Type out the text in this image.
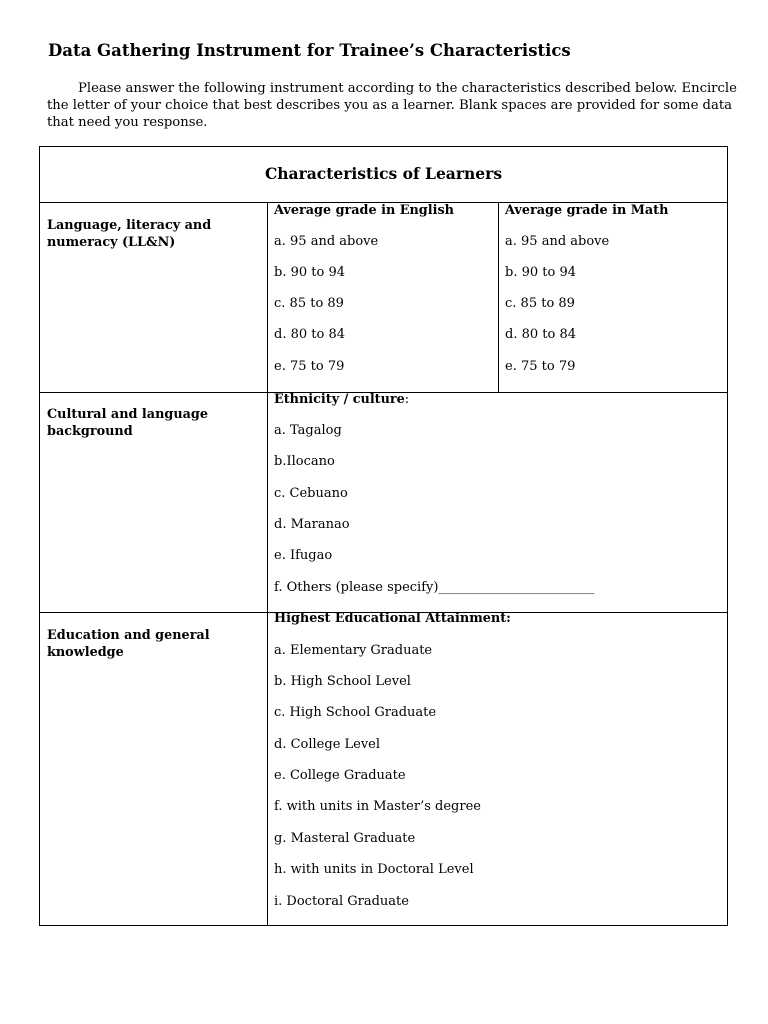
Data Gathering Instrument for Trainee’s Characteristics

Please answer the following instrument according to the characteristics described below. Encircle the letter of your choice that best describes you as a learner. Blank spaces are provided for some data that need you response.

Characteristics of Learners
Language, literacy and numeracy (LL&N)
Average grade in English
a. 95 and above
b. 90 to 94
c. 85 to 89
d. 80 to 84
e. 75 to 79
Average grade in Math
a. 95 and above
b. 90 to 94
c. 85 to 89
d. 80 to 84
e. 75 to 79
Cultural and language background
Ethnicity / culture:
a. Tagalog
b.Ilocano
c. Cebuano
d. Maranao
e. Ifugao
f. Others (please specify)________________________
Education and general knowledge
Highest Educational Attainment:
a. Elementary Graduate
b. High School Level
c. High School Graduate
d. College Level
e. College Graduate
f. with units in Master’s degree
g. Masteral Graduate
h. with units in Doctoral Level
i. Doctoral Graduate
